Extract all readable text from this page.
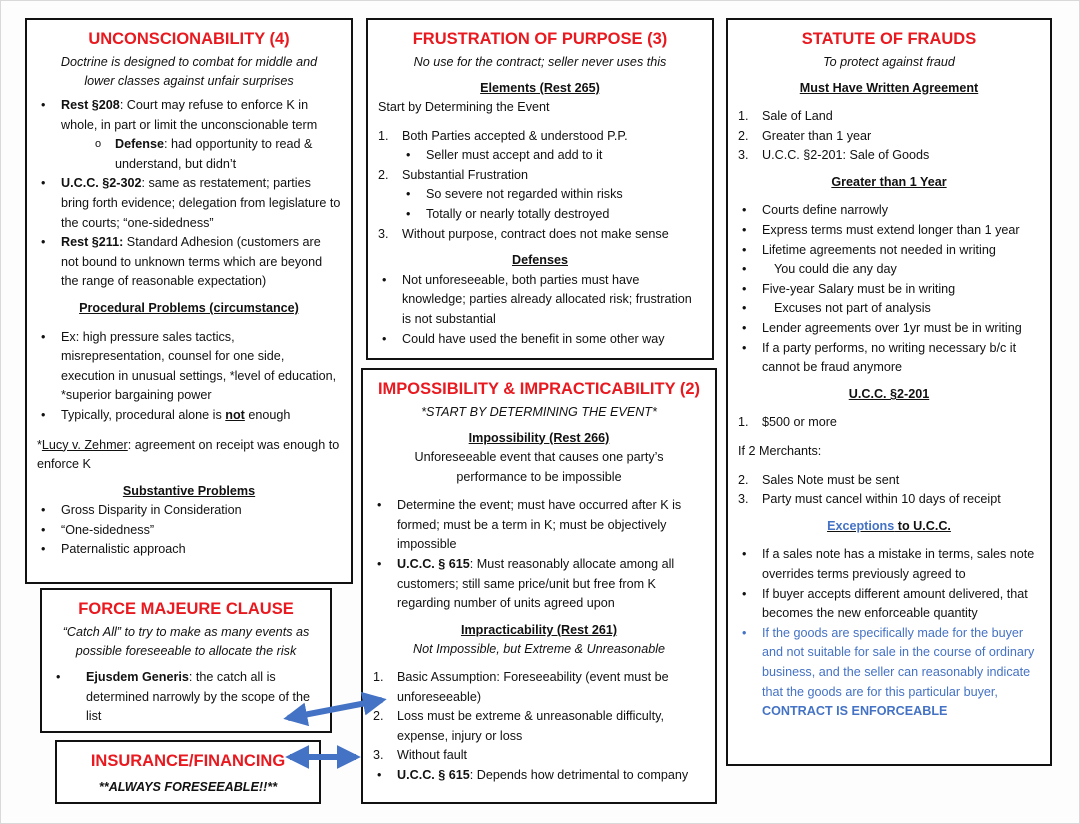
UNCONSCIONABILITY (4)
Doctrine is designed to combat for middle and lower classes against unfair surprises
• Rest §208: Court may refuse to enforce K in whole, in part or limit the unconscionable term
o Defense: had opportunity to read & understand, but didn’t
• U.C.C. §2-302: same as restatement; parties bring forth evidence; delegation from legislature to the courts; “one-sidedness”
• Rest §211: Standard Adhesion (customers are not bound to unknown terms which are beyond the range of reasonable expectation)
Procedural Problems (circumstance)
• Ex: high pressure sales tactics, misrepresentation, counsel for one side, execution in unusual settings, *level of education, *superior bargaining power
• Typically, procedural alone is not enough
*Lucy v. Zehmer: agreement on receipt was enough to enforce K
Substantive Problems
• Gross Disparity in Consideration
• “One-sidedness”
• Paternalistic approach
FORCE MAJEURE CLAUSE
“Catch All” to try to make as many events as possible foreseeable to allocate the risk
• Ejusdem Generis: the catch all is determined narrowly by the scope of the list
INSURANCE/FINANCING
**ALWAYS FORESEEABLE!!**
FRUSTRATION OF PURPOSE (3)
No use for the contract; seller never uses this
Elements (Rest 265)
Start by Determining the Event
1. Both Parties accepted & understood P.P.
• Seller must accept and add to it
2. Substantial Frustration
• So severe not regarded within risks
• Totally or nearly totally destroyed
3. Without purpose, contract does not make sense
Defenses
• Not unforeseeable, both parties must have knowledge; parties already allocated risk; frustration is not substantial
• Could have used the benefit in some other way
IMPOSSIBILITY & IMPRACTICABILITY (2)
*START BY DETERMINING THE EVENT*
Impossibility (Rest 266)
Unforeseeable event that causes one party’s performance to be impossible
• Determine the event; must have occurred after K is formed; must be a term in K; must be objectively impossible
• U.C.C. § 615: Must reasonably allocate among all customers; still same price/unit but free from K regarding number of units agreed upon
Impracticability (Rest 261)
Not Impossible, but Extreme & Unreasonable
1. Basic Assumption: Foreseeability (event must be unforeseeable)
2. Loss must be extreme & unreasonable difficulty, expense, injury or loss
3. Without fault
• U.C.C. § 615: Depends how detrimental to company
STATUTE OF FRAUDS
To protect against fraud
Must Have Written Agreement
1. Sale of Land
2. Greater than 1 year
3. U.C.C. §2-201: Sale of Goods
Greater than 1 Year
• Courts define narrowly
• Express terms must extend longer than 1 year
• Lifetime agreements not needed in writing
• You could die any day
• Five-year Salary must be in writing
• Excuses not part of analysis
• Lender agreements over 1yr must be in writing
• If a party performs, no writing necessary b/c it cannot be fraud anymore
U.C.C. §2-201
1. $500 or more
If 2 Merchants:
2. Sales Note must be sent
3. Party must cancel within 10 days of receipt
Exceptions to U.C.C.
• If a sales note has a mistake in terms, sales note overrides terms previously agreed to
• If buyer accepts different amount delivered, that becomes the new enforceable quantity
• If the goods are specifically made for the buyer and not suitable for sale in the course of ordinary business, and the seller can reasonably indicate that the goods are for this particular buyer, CONTRACT IS ENFORCEABLE
